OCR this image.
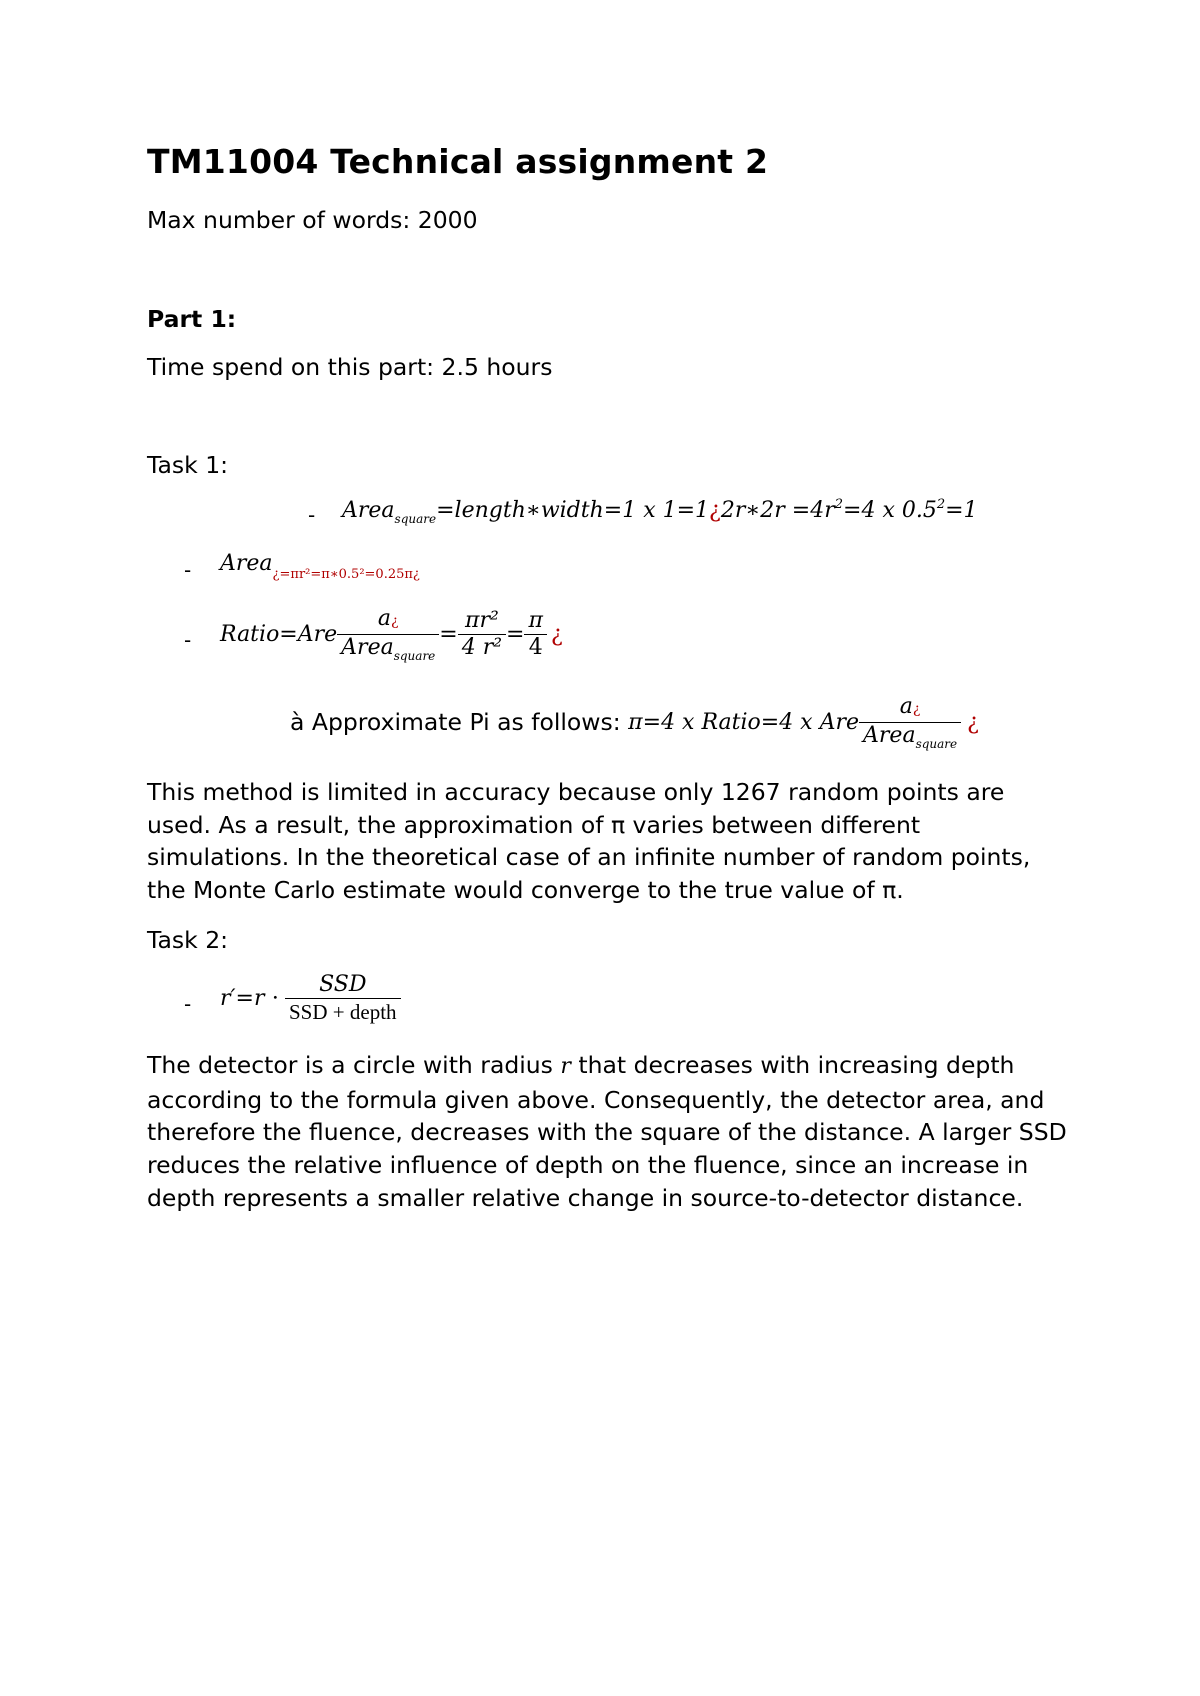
TM11004 Technical assignment 2
Max number of words: 2000
Part 1:
Time spend on this part: 2.5 hours
Task 1:
- Area$_{square}$=length∗width=1 x 1=1¿2r∗2r $=4r^2=4$ x $0.5^2=1$
- Area$_{¿=\pi r^2=\pi∗0.5^2=0.25\pi¿}$
- Ratio=Are $\frac{a¿}{Area_{square}} = \frac{\text{πr²}}{\text{4 r²}} = \frac{\pi}{4}$ ¿
à Approximate Pi as follows: π=4 x Ratio=4 x Are $\frac{a¿}{Area_{square}}$ ¿

This method is limited in accuracy because only 1267 random points are used. As a result, the approximation of π varies between different simulations. In the theoretical case of an infinite number of random points, the Monte Carlo estimate would converge to the true value of π.

Task 2:
- $r'=r \cdot \frac{\text{SSD}}{\text{SSD + depth}}$

The detector is a circle with radius r that decreases with increasing depth according to the formula given above. Consequently, the detector area, and therefore the fluence, decreases with the square of the distance. A larger SSD reduces the relative influence of depth on the fluence, since an increase in depth represents a smaller relative change in source-to-detector distance.
